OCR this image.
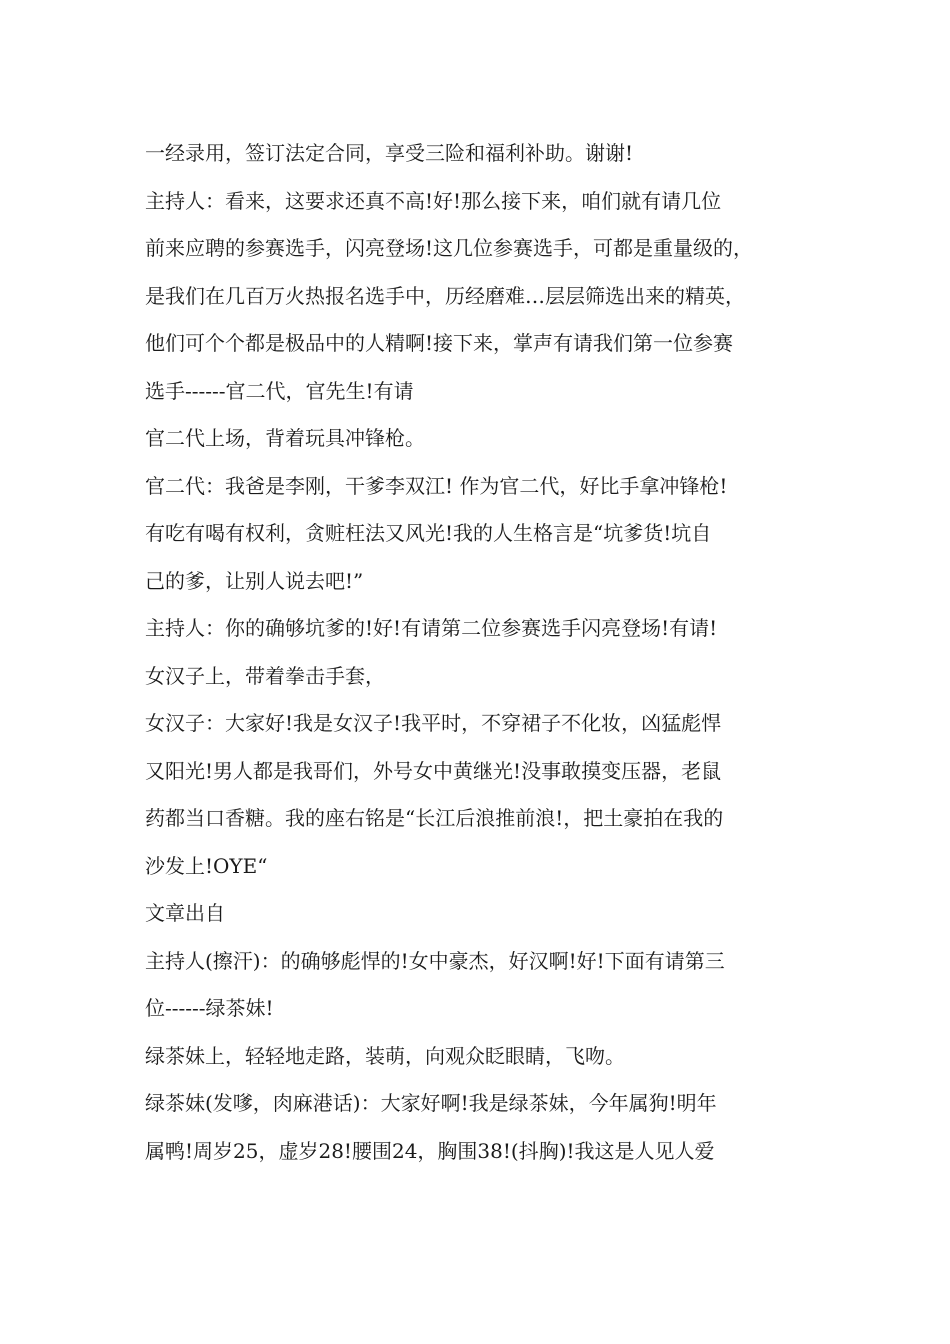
一经录用，签订法定合同，享受三险和福利补助。谢谢!
主持人：看来，这要求还真不高!好!那么接下来，咱们就有请几位
前来应聘的参赛选手，闪亮登场!这几位参赛选手，可都是重量级的，
是我们在几百万火热报名选手中，历经磨难…层层筛选出来的精英，
他们可个个都是极品中的人精啊!接下来，掌声有请我们第一位参赛
选手------官二代，官先生!有请
官二代上场，背着玩具冲锋枪。
官二代：我爸是李刚，干爹李双江! 作为官二代，好比手拿冲锋枪!
有吃有喝有权利，贪赃枉法又风光!我的人生格言是“坑爹货!坑自
己的爹，让别人说去吧!”
主持人：你的确够坑爹的!好!有请第二位参赛选手闪亮登场!有请!
女汉子上，带着拳击手套，
女汉子：大家好!我是女汉子!我平时，不穿裙子不化妆，凶猛彪悍
又阳光!男人都是我哥们，外号女中黄继光!没事敢摸变压器，老鼠
药都当口香糖。我的座右铭是“长江后浪推前浪!，把土豪拍在我的
沙发上!OYE“
文章出自
主持人(擦汗)：的确够彪悍的!女中豪杰，好汉啊!好!下面有请第三
位------绿茶妹!
绿茶妹上，轻轻地走路，装萌，向观众眨眼睛，飞吻。
绿茶妹(发嗲，肉麻港话)：大家好啊!我是绿茶妹，今年属狗!明年
属鸭!周岁25，虚岁28!腰围24，胸围38!(抖胸)!我这是人见人爱
